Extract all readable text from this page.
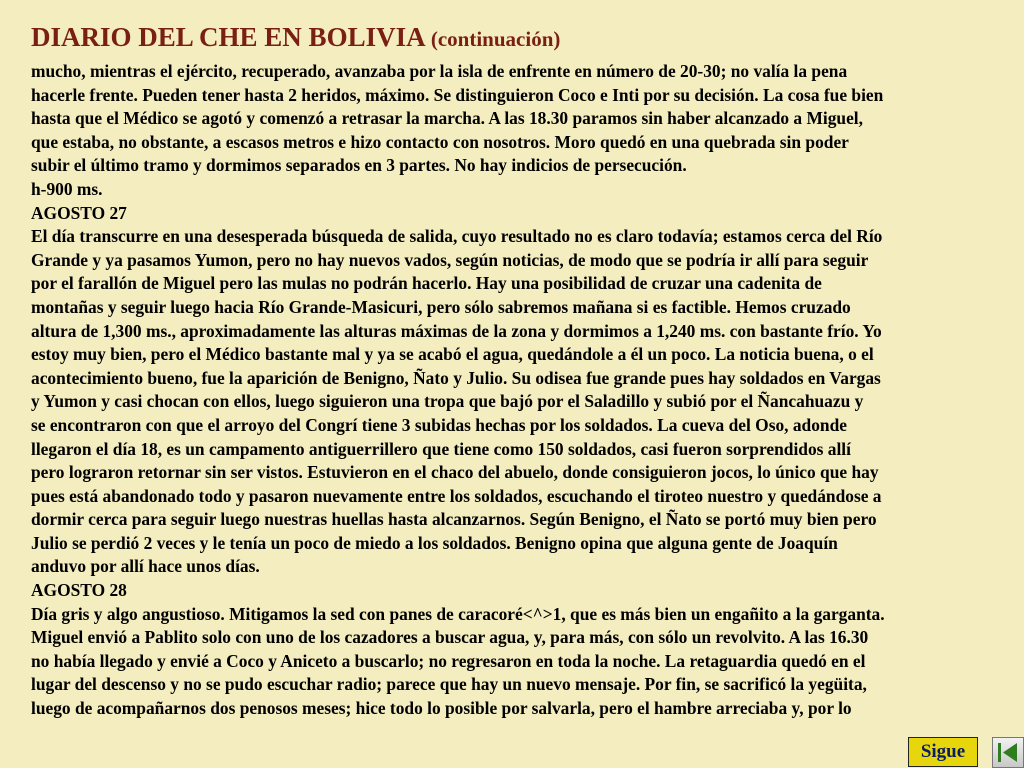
DIARIO DEL CHE EN BOLIVIA (continuación)
mucho, mientras el ejército, recuperado, avanzaba por la isla de enfrente en número de 20-30; no valía la pena
hacerle frente. Pueden tener hasta 2 heridos, máximo. Se distinguieron Coco e Inti por su decisión. La cosa fue bien
hasta que el Médico se agotó y comenzó a retrasar la marcha. A las 18.30 paramos sin haber alcanzado a Miguel,
que estaba, no obstante, a escasos metros e hizo contacto con nosotros. Moro quedó en una quebrada sin poder
subir el último tramo y dormimos separados en 3 partes. No hay indicios de persecución.
h-900 ms.
AGOSTO 27
El día transcurre en una desesperada búsqueda de salida, cuyo resultado no es claro todavía; estamos cerca del Río
Grande y ya pasamos Yumon, pero no hay nuevos vados, según noticias, de modo que se podría ir allí para seguir
por el farallón de Miguel pero las mulas no podrán hacerlo. Hay una posibilidad de cruzar una cadenita de
montañas y seguir luego hacia Río Grande-Masicuri, pero sólo sabremos mañana si es factible. Hemos cruzado
altura de 1,300 ms., aproximadamente las alturas máximas de la zona y dormimos a 1,240 ms. con bastante frío. Yo
estoy muy bien, pero el Médico bastante mal y ya se acabó el agua, quedándole a él un poco. La noticia buena, o el
acontecimiento bueno, fue la aparición de Benigno, Ñato y Julio. Su odisea fue grande pues hay soldados en Vargas
y Yumon y casi chocan con ellos, luego siguieron una tropa que bajó por el Saladillo y subió por el Ñancahuazu y
se encontraron con que el arroyo del Congrí tiene 3 subidas hechas por los soldados. La cueva del Oso, adonde
llegaron el día 18, es un campamento antiguerrillero que tiene como 150 soldados, casi fueron sorprendidos allí
pero lograron retornar sin ser vistos. Estuvieron en el chaco del abuelo, donde consiguieron jocos, lo único que hay
pues está abandonado todo y pasaron nuevamente entre los soldados, escuchando el tiroteo nuestro y quedándose a
dormir cerca para seguir luego nuestras huellas hasta alcanzarnos. Según Benigno, el Ñato se portó muy bien pero
Julio se perdió 2 veces y le tenía un poco de miedo a los soldados. Benigno opina que alguna gente de Joaquín
anduvo por allí hace unos días.
AGOSTO 28
Día gris y algo angustioso. Mitigamos la sed con panes de caracoré<^>1, que es más bien un engañito a la garganta.
Miguel envió a Pablito solo con uno de los cazadores a buscar agua, y, para más, con sólo un revolvito. A las 16.30
no había llegado y envié a Coco y Aniceto a buscarlo; no regresaron en toda la noche. La retaguardia quedó en el
lugar del descenso y no se pudo escuchar radio; parece que hay un nuevo mensaje. Por fin, se sacrificó la yegüita,
luego de acompañarnos dos penosos meses; hice todo lo posible por salvarla, pero el hambre arreciaba y, por lo
Sigue
